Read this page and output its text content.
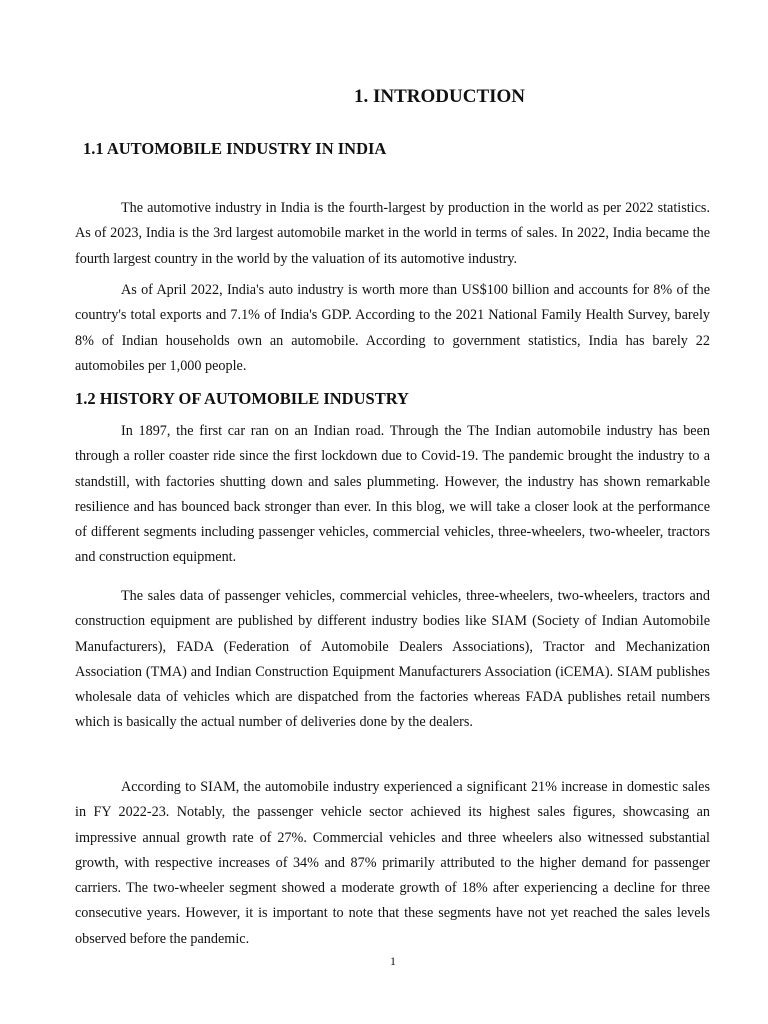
1. INTRODUCTION
1.1 AUTOMOBILE INDUSTRY IN INDIA

The automotive industry in India is the fourth-largest by production in the world as per 2022 statistics. As of 2023, India is the 3rd largest automobile market in the world in terms of sales. In 2022, India became the fourth largest country in the world by the valuation of its automotive industry.

As of April 2022, India's auto industry is worth more than US$100 billion and accounts for 8% of the country's total exports and 7.1% of India's GDP. According to the 2021 National Family Health Survey, barely 8% of Indian households own an automobile. According to government statistics, India has barely 22 automobiles per 1,000 people.

1.2 HISTORY OF AUTOMOBILE INDUSTRY

In 1897, the first car ran on an Indian road. Through the The Indian automobile industry has been through a roller coaster ride since the first lockdown due to Covid-19. The pandemic brought the industry to a standstill, with factories shutting down and sales plummeting. However, the industry has shown remarkable resilience and has bounced back stronger than ever. In this blog, we will take a closer look at the performance of different segments including passenger vehicles, commercial vehicles, three-wheelers, two-wheeler, tractors and construction equipment.

The sales data of passenger vehicles, commercial vehicles, three-wheelers, two-wheelers, tractors and construction equipment are published by different industry bodies like SIAM (Society of Indian Automobile Manufacturers), FADA (Federation of Automobile Dealers Associations), Tractor and Mechanization Association (TMA) and Indian Construction Equipment Manufacturers Association (iCEMA). SIAM publishes wholesale data of vehicles which are dispatched from the factories whereas FADA publishes retail numbers which is basically the actual number of deliveries done by the dealers.

According to SIAM, the automobile industry experienced a significant 21% increase in domestic sales in FY 2022-23. Notably, the passenger vehicle sector achieved its highest sales figures, showcasing an impressive annual growth rate of 27%. Commercial vehicles and three wheelers also witnessed substantial growth, with respective increases of 34% and 87% primarily attributed to the higher demand for passenger carriers. The two-wheeler segment showed a moderate growth of 18% after experiencing a decline for three consecutive years. However, it is important to note that these segments have not yet reached the sales levels observed before the pandemic.

1
